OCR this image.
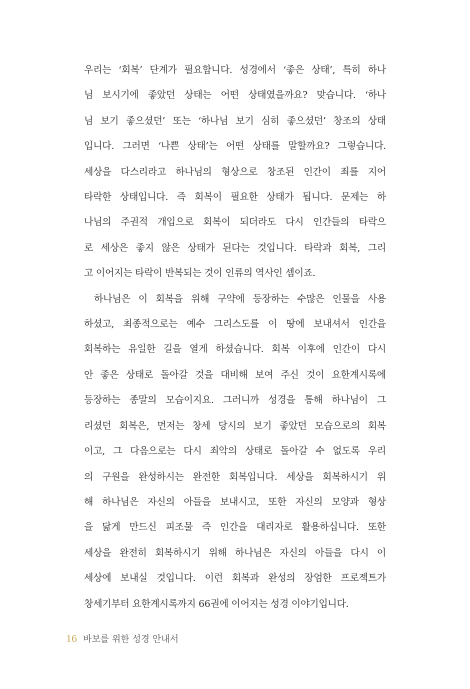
우리는 ‘회복’ 단계가 필요합니다. 성경에서 ‘좋은 상태’, 특히 하나
님 보시기에 좋았던 상태는 어떤 상태였을까요? 맞습니다. ‘하나
님 보기 좋으셨던’ 또는 ‘하나님 보기 심히 좋으셨던’ 창조의 상태
입니다. 그러면 ‘나쁜 상태’는 어떤 상태를 말할까요? 그렇습니다.
세상을 다스리라고 하나님의 형상으로 창조된 인간이 죄를 지어
타락한 상태입니다. 즉 회복이 필요한 상태가 됩니다. 문제는 하
나님의 주권적 개입으로 회복이 되더라도 다시 인간들의 타락으
로 세상은 좋지 않은 상태가 된다는 것입니다. 타락과 회복, 그리
고 이어지는 타락이 반복되는 것이 인류의 역사인 셈이죠.

하나님은 이 회복을 위해 구약에 등장하는 수많은 인물을 사용
하셨고, 최종적으로는 예수 그리스도를 이 땅에 보내셔서 인간을
회복하는 유일한 길을 열게 하셨습니다. 회복 이후에 인간이 다시
안 좋은 상태로 돌아갈 것을 대비해 보여 주신 것이 요한계시록에
등장하는 종말의 모습이지요. 그러니까 성경을 통해 하나님이 그
리셨던 회복은, 먼저는 창세 당시의 보기 좋았던 모습으로의 회복
이고, 그 다음으로는 다시 죄악의 상태로 돌아갈 수 없도록 우리
의 구원을 완성하시는 완전한 회복입니다. 세상을 회복하시기 위
해 하나님은 자신의 아들을 보내시고, 또한 자신의 모양과 형상
을 닮게 만드신 피조물 즉 인간을 대리자로 활용하십니다. 또한
세상을 완전히 회복하시기 위해 하나님은 자신의 아들을 다시 이
세상에 보내실 것입니다. 이런 회복과 완성의 장엄한 프로젝트가
창세기부터 요한계시록까지 66권에 이어지는 성경 이야기입니다.

16 바보를 위한 성경 안내서
